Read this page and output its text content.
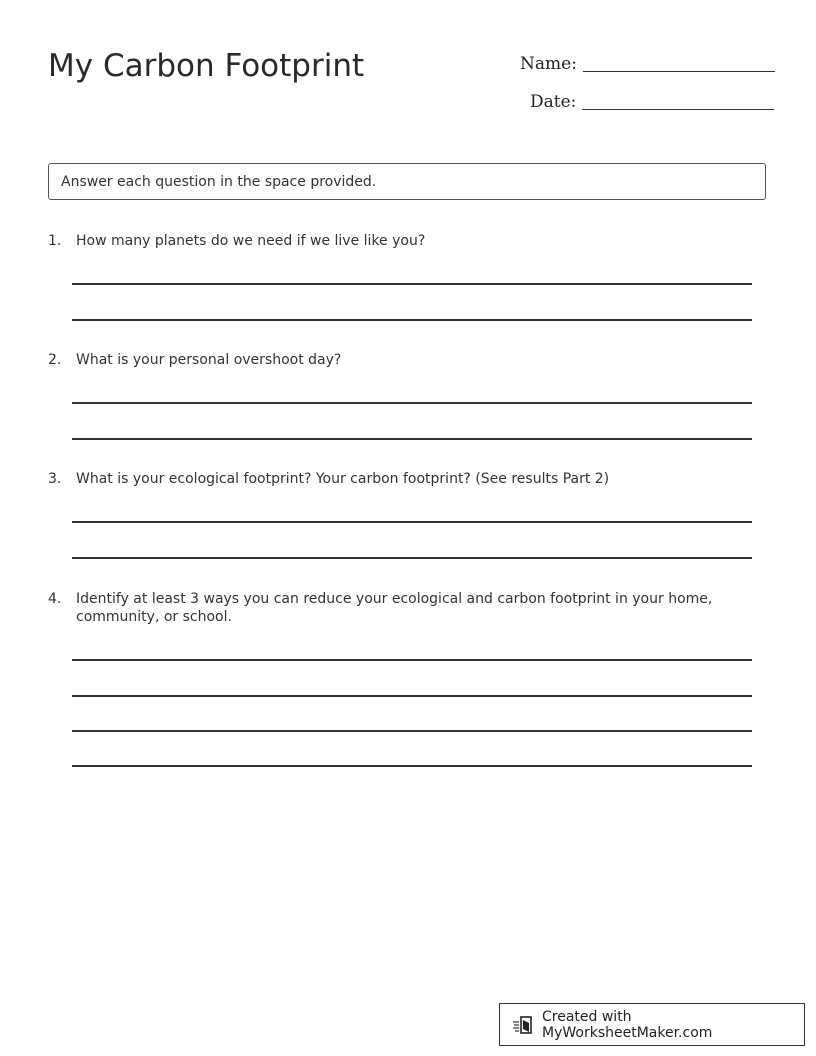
My Carbon Footprint	Name:
Date:
Answer each question in the space provided.
1. How many planets do we need if we live like you?
2. What is your personal overshoot day?
3. What is your ecological footprint? Your carbon footprint? (See results Part 2)
4. Identify at least 3 ways you can reduce your ecological and carbon footprint in your home, community, or school.
Created with MyWorksheetMaker.com
